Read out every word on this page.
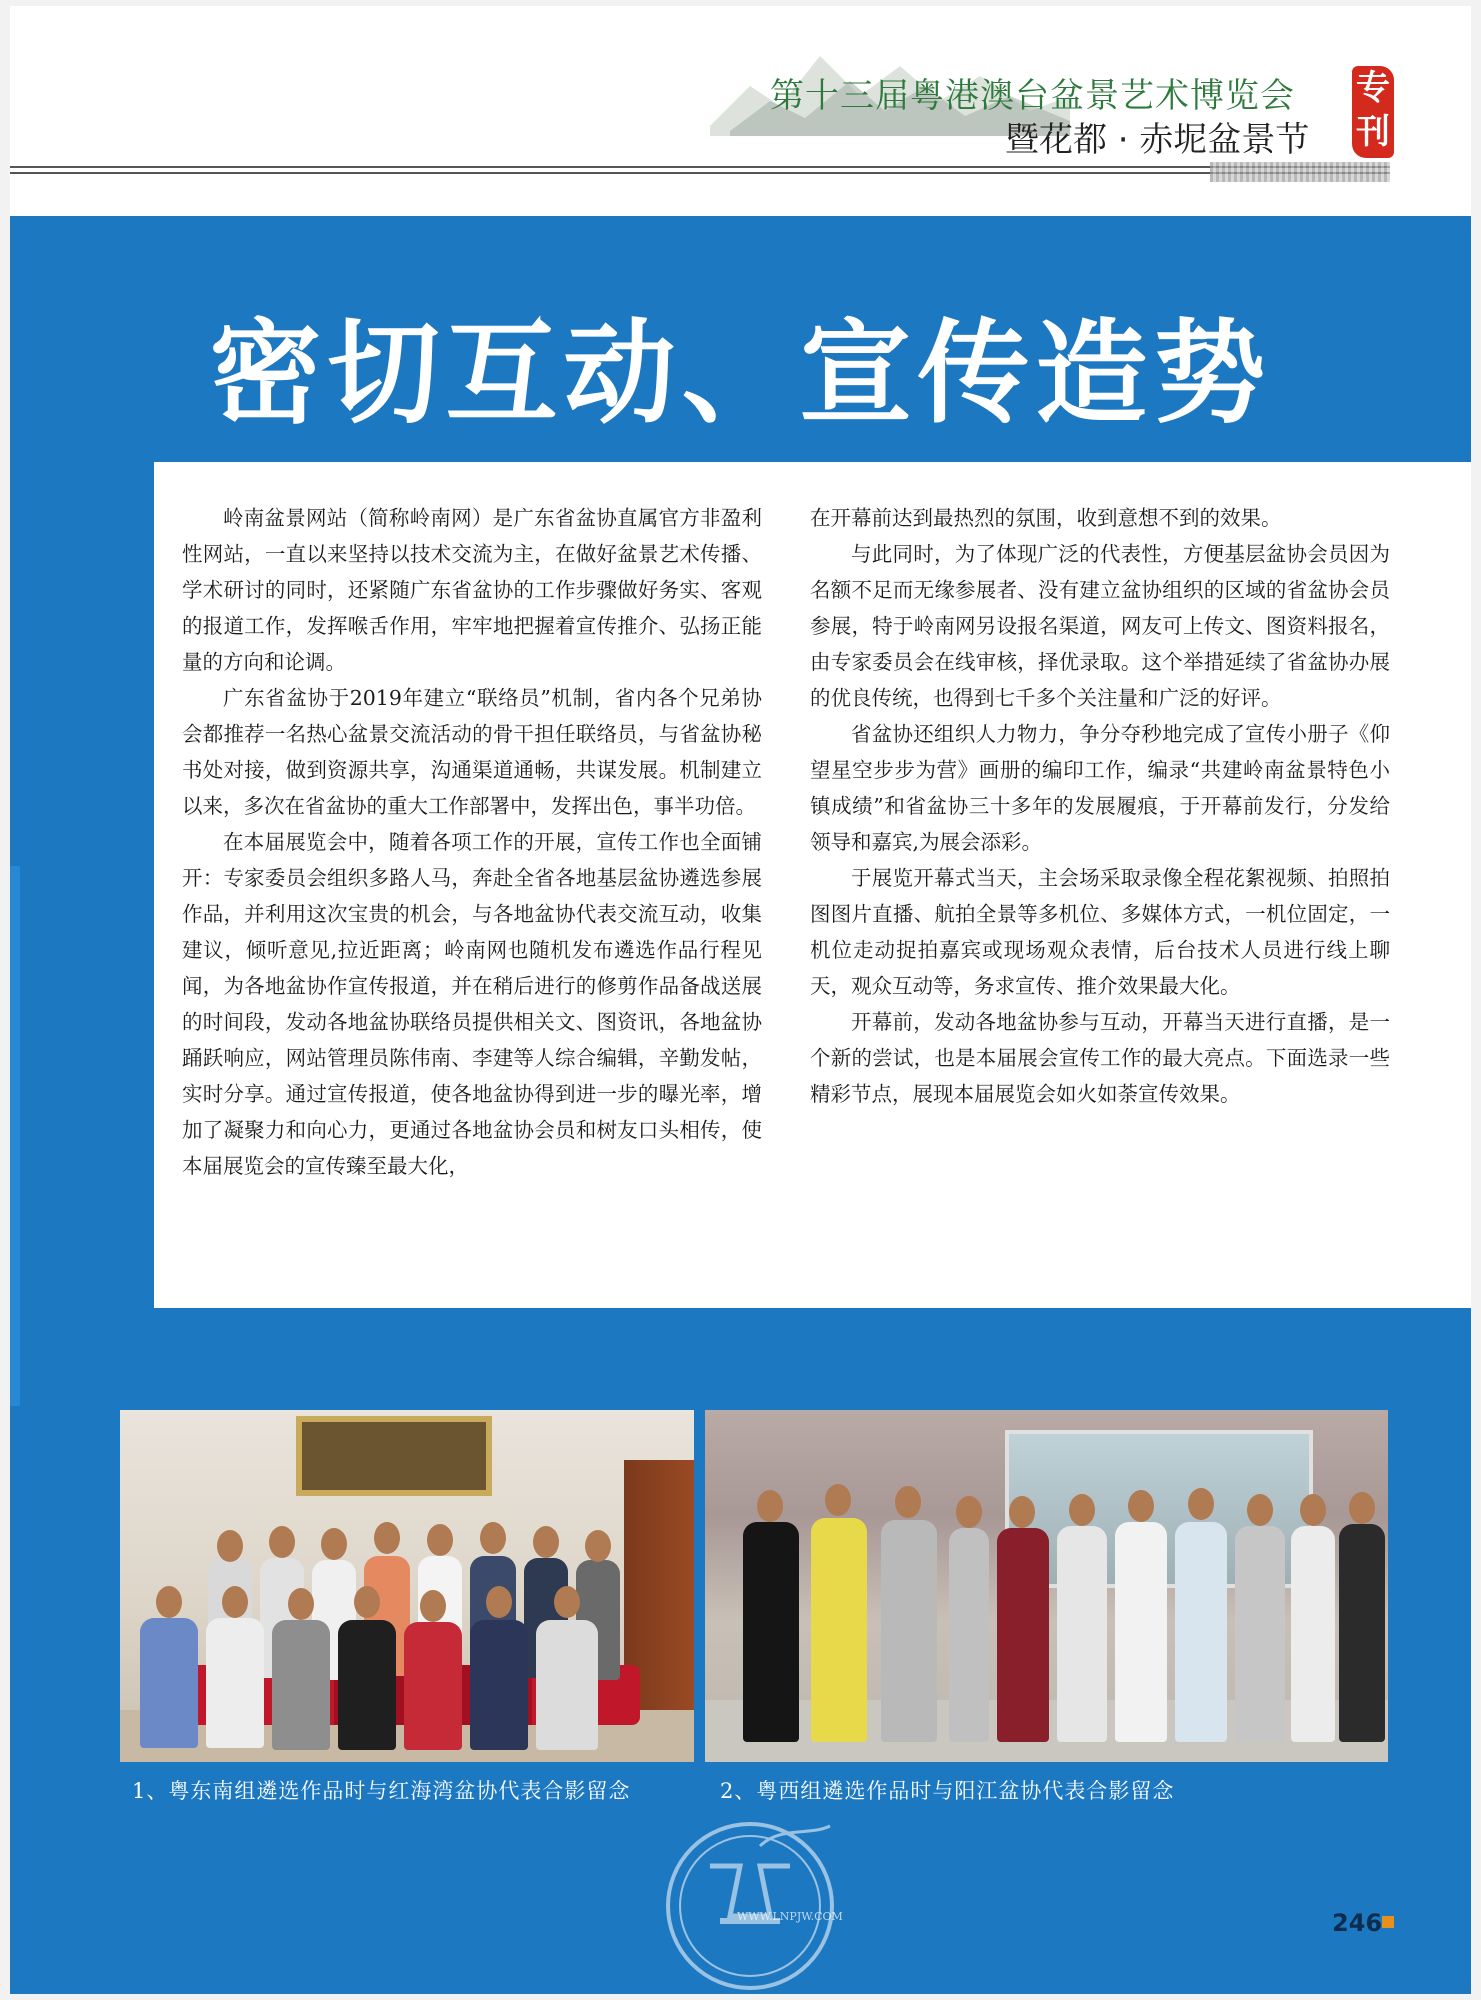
第十三届粤港澳台盆景艺术博览会
暨花都 · 赤坭盆景节
专
刊
密切互动、宣传造势

岭南盆景网站（简称岭南网）是广东省盆协直属官方非盈利性网站，一直以来坚持以技术交流为主，在做好盆景艺术传播、学术研讨的同时，还紧随广东省盆协的工作步骤做好务实、客观的报道工作，发挥喉舌作用，牢牢地把握着宣传推介、弘扬正能量的方向和论调。

广东省盆协于2019年建立“联络员”机制，省内各个兄弟协会都推荐一名热心盆景交流活动的骨干担任联络员，与省盆协秘书处对接，做到资源共享，沟通渠道通畅，共谋发展。机制建立以来，多次在省盆协的重大工作部署中，发挥出色，事半功倍。

在本届展览会中，随着各项工作的开展，宣传工作也全面铺开：专家委员会组织多路人马，奔赴全省各地基层盆协遴选参展作品，并利用这次宝贵的机会，与各地盆协代表交流互动，收集建议，倾听意见,拉近距离；岭南网也随机发布遴选作品行程见闻，为各地盆协作宣传报道，并在稍后进行的修剪作品备战送展的时间段，发动各地盆协联络员提供相关文、图资讯，各地盆协踊跃响应，网站管理员陈伟南、李建等人综合编辑，辛勤发帖，实时分享。通过宣传报道，使各地盆协得到进一步的曝光率，增加了凝聚力和向心力，更通过各地盆协会员和树友口头相传，使本届展览会的宣传臻至最大化，

在开幕前达到最热烈的氛围，收到意想不到的效果。

与此同时，为了体现广泛的代表性，方便基层盆协会员因为名额不足而无缘参展者、没有建立盆协组织的区域的省盆协会员参展，特于岭南网另设报名渠道，网友可上传文、图资料报名，由专家委员会在线审核，择优录取。这个举措延续了省盆协办展的优良传统，也得到七千多个关注量和广泛的好评。

省盆协还组织人力物力，争分夺秒地完成了宣传小册子《仰望星空步步为营》画册的编印工作，编录“共建岭南盆景特色小镇成绩”和省盆协三十多年的发展履痕，于开幕前发行，分发给领导和嘉宾,为展会添彩。

于展览开幕式当天，主会场采取录像全程花絮视频、拍照拍图图片直播、航拍全景等多机位、多媒体方式，一机位固定，一机位走动捉拍嘉宾或现场观众表情，后台技术人员进行线上聊天，观众互动等，务求宣传、推介效果最大化。

开幕前，发动各地盆协参与互动，开幕当天进行直播，是一个新的尝试，也是本届展会宣传工作的最大亮点。下面选录一些精彩节点，展现本届展览会如火如荼宣传效果。

1、粤东南组遴选作品时与红海湾盆协代表合影留念	2、粤西组遴选作品时与阳江盆协代表合影留念
WWW.LNPJW.COM	246
